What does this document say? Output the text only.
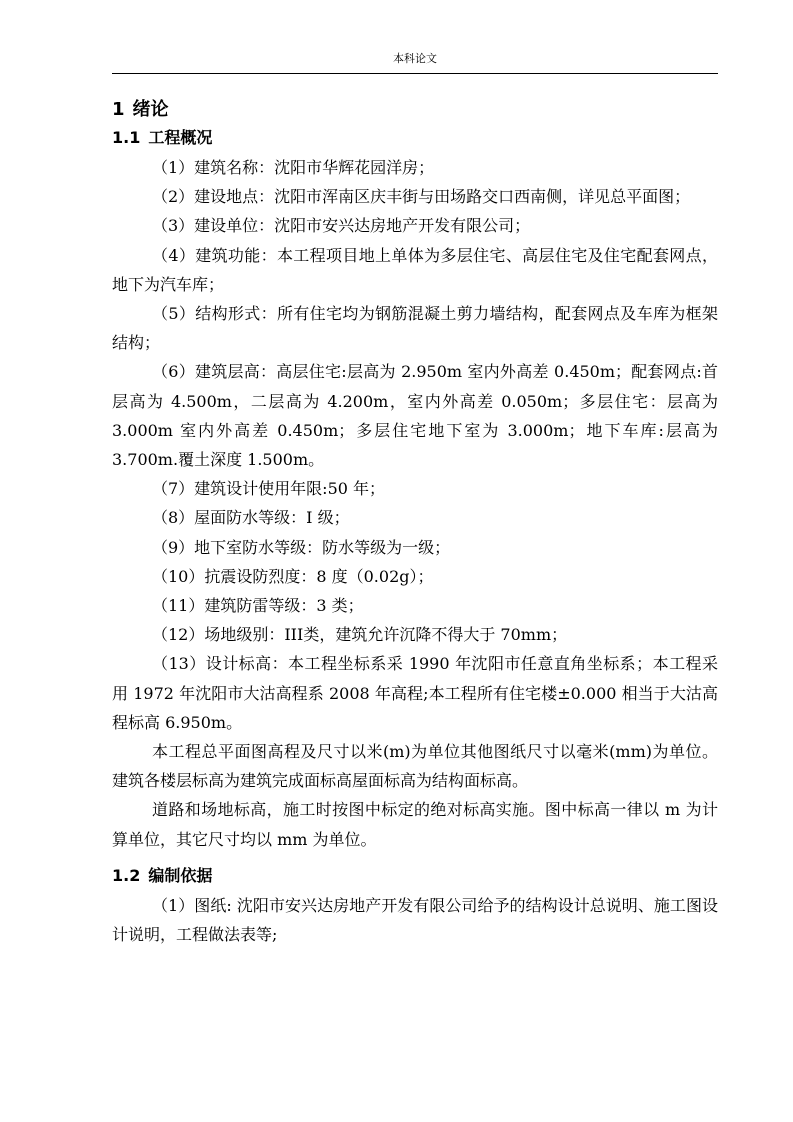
本科论文
1 绪论
1.1 工程概况

（1）建筑名称：沈阳市华辉花园洋房；

（2）建设地点：沈阳市浑南区庆丰街与田场路交口西南侧，详见总平面图；

（3）建设单位：沈阳市安兴达房地产开发有限公司；

（4）建筑功能：本工程项目地上单体为多层住宅、高层住宅及住宅配套网点，地下为汽车库；

（5）结构形式：所有住宅均为钢筋混凝土剪力墙结构，配套网点及车库为框架结构；

（6）建筑层高：高层住宅:层高为 2.950m 室内外高差 0.450m；配套网点:首层高为 4.500m，二层高为 4.200m，室内外高差 0.050m；多层住宅：层高为 3.000m 室内外高差 0.450m；多层住宅地下室为 3.000m；地下车库:层高为 3.700m.覆土深度 1.500m。

（7）建筑设计使用年限:50 年；

（8）屋面防水等级：I 级；

（9）地下室防水等级：防水等级为一级；

（10）抗震设防烈度：8 度（0.02g）；

（11）建筑防雷等级：3 类；

（12）场地级别：III类，建筑允许沉降不得大于 70mm；

（13）设计标高：本工程坐标系采 1990 年沈阳市任意直角坐标系；本工程采用 1972 年沈阳市大沽高程系 2008 年高程;本工程所有住宅楼±0.000 相当于大沽高程标高 6.950m。

本工程总平面图高程及尺寸以米(m)为单位其他图纸尺寸以毫米(mm)为单位。建筑各楼层标高为建筑完成面标高屋面标高为结构面标高。

道路和场地标高，施工时按图中标定的绝对标高实施。图中标高一律以 m 为计算单位，其它尺寸均以 mm 为单位。

1.2 编制依据

（1）图纸: 沈阳市安兴达房地产开发有限公司给予的结构设计总说明、施工图设计说明，工程做法表等;
